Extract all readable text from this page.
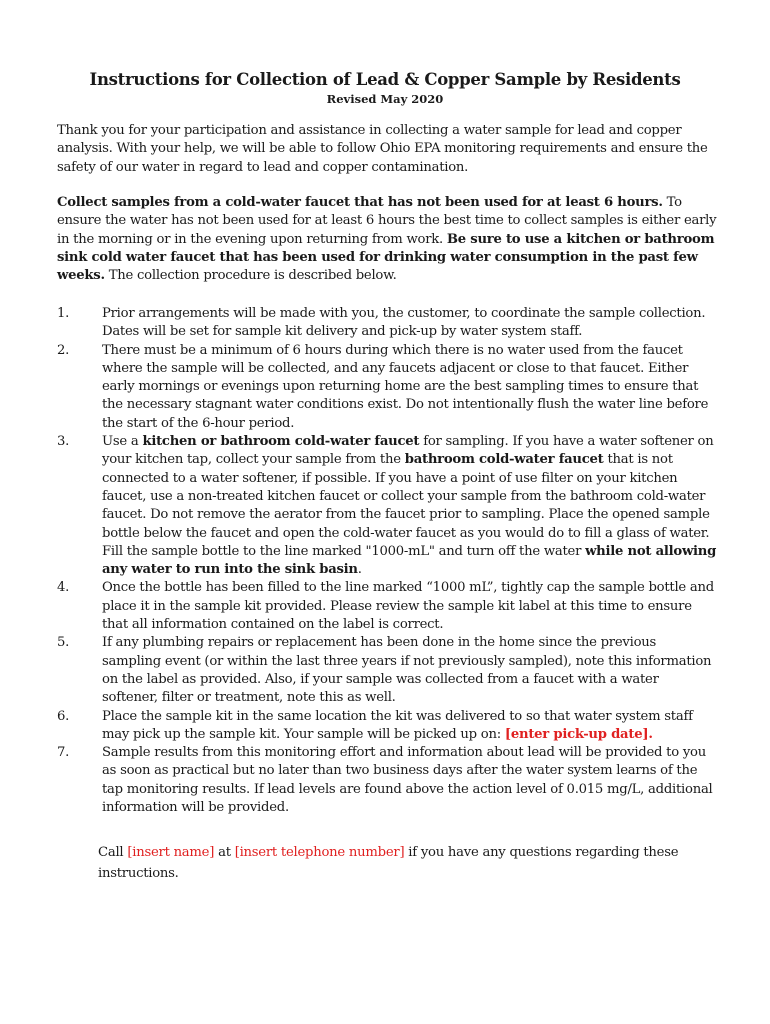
Instructions for Collection of Lead & Copper Sample by Residents
Revised May 2020
Thank you for your participation and assistance in collecting a water sample for lead and copper analysis. With your help, we will be able to follow Ohio EPA monitoring requirements and ensure the safety of our water in regard to lead and copper contamination.
Collect samples from a cold-water faucet that has not been used for at least 6 hours. To ensure the water has not been used for at least 6 hours the best time to collect samples is either early in the morning or in the evening upon returning from work. Be sure to use a kitchen or bathroom sink cold water faucet that has been used for drinking water consumption in the past few weeks. The collection procedure is described below.
1. Prior arrangements will be made with you, the customer, to coordinate the sample collection. Dates will be set for sample kit delivery and pick-up by water system staff.
2. There must be a minimum of 6 hours during which there is no water used from the faucet where the sample will be collected, and any faucets adjacent or close to that faucet. Either early mornings or evenings upon returning home are the best sampling times to ensure that the necessary stagnant water conditions exist. Do not intentionally flush the water line before the start of the 6-hour period.
3. Use a kitchen or bathroom cold-water faucet for sampling. If you have a water softener on your kitchen tap, collect your sample from the bathroom cold-water faucet that is not connected to a water softener, if possible. If you have a point of use filter on your kitchen faucet, use a non-treated kitchen faucet or collect your sample from the bathroom cold-water faucet. Do not remove the aerator from the faucet prior to sampling. Place the opened sample bottle below the faucet and open the cold-water faucet as you would do to fill a glass of water. Fill the sample bottle to the line marked "1000-mL" and turn off the water while not allowing any water to run into the sink basin.
4. Once the bottle has been filled to the line marked “1000 mL”, tightly cap the sample bottle and place it in the sample kit provided. Please review the sample kit label at this time to ensure that all information contained on the label is correct.
5. If any plumbing repairs or replacement has been done in the home since the previous sampling event (or within the last three years if not previously sampled), note this information on the label as provided. Also, if your sample was collected from a faucet with a water softener, filter or treatment, note this as well.
6. Place the sample kit in the same location the kit was delivered to so that water system staff may pick up the sample kit. Your sample will be picked up on: [enter pick-up date].
7. Sample results from this monitoring effort and information about lead will be provided to you as soon as practical but no later than two business days after the water system learns of the tap monitoring results. If lead levels are found above the action level of 0.015 mg/L, additional information will be provided.
Call [insert name] at [insert telephone number] if you have any questions regarding these instructions.
